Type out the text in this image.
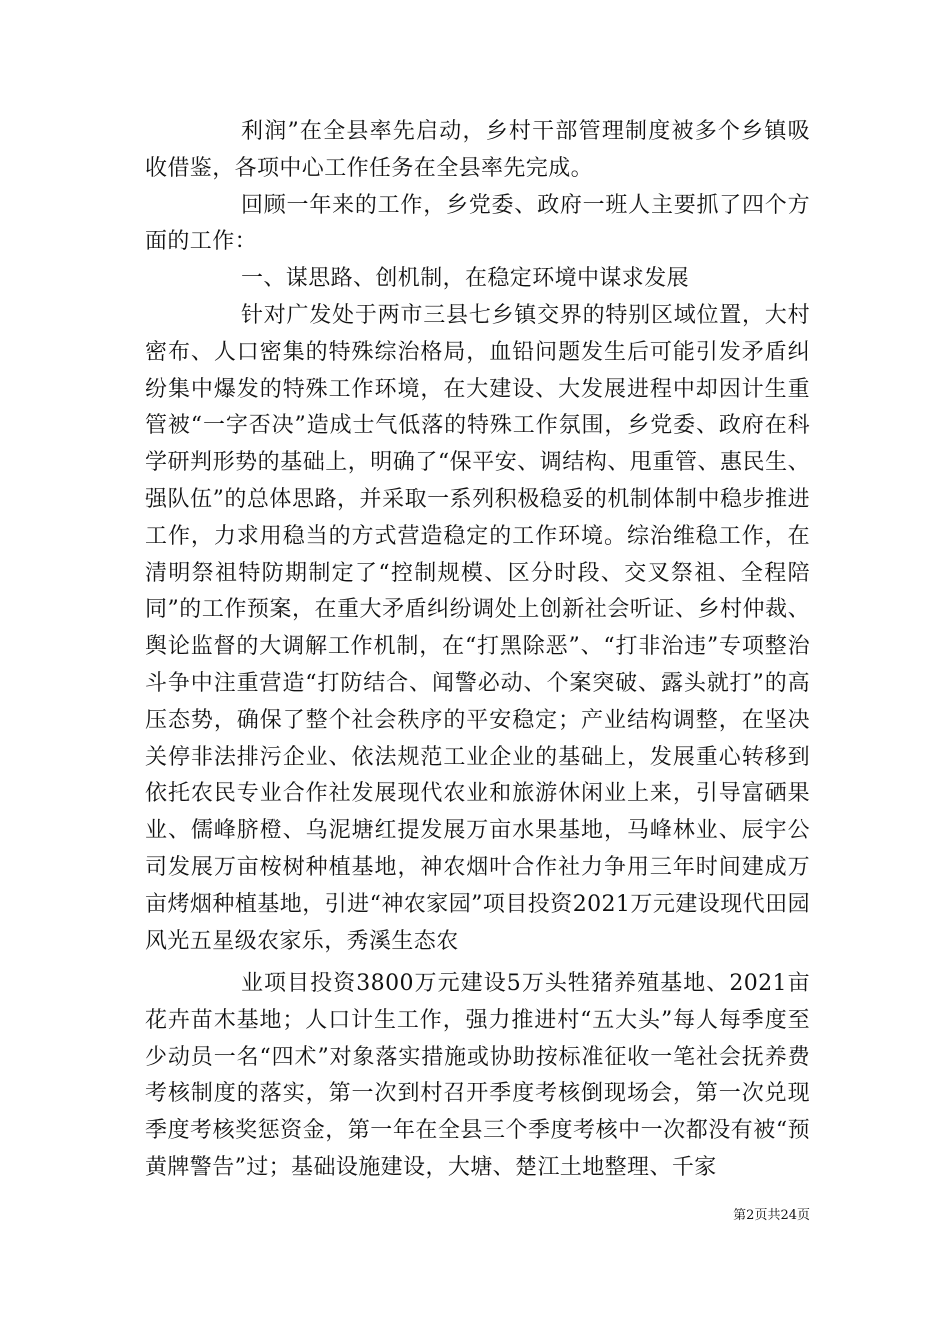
利润”在全县率先启动，乡村干部管理制度被多个乡镇吸收借鉴，各项中心工作任务在全县率先完成。

回顾一年来的工作，乡党委、政府一班人主要抓了四个方面的工作：

一、谋思路、创机制，在稳定环境中谋求发展

针对广发处于两市三县七乡镇交界的特别区域位置，大村密布、人口密集的特殊综治格局，血铅问题发生后可能引发矛盾纠纷集中爆发的特殊工作环境，在大建设、大发展进程中却因计生重管被“一字否决”造成士气低落的特殊工作氛围，乡党委、政府在科学研判形势的基础上，明确了“保平安、调结构、甩重管、惠民生、强队伍”的总体思路，并采取一系列积极稳妥的机制体制中稳步推进工作，力求用稳当的方式营造稳定的工作环境。综治维稳工作，在清明祭祖特防期制定了“控制规模、区分时段、交叉祭祖、全程陪同”的工作预案，在重大矛盾纠纷调处上创新社会听证、乡村仲裁、舆论监督的大调解工作机制，在“打黑除恶”、“打非治违”专项整治斗争中注重营造“打防结合、闻警必动、个案突破、露头就打”的高压态势，确保了整个社会秩序的平安稳定；产业结构调整，在坚决关停非法排污企业、依法规范工业企业的基础上，发展重心转移到依托农民专业合作社发展现代农业和旅游休闲业上来，引导富硒果业、儒峰脐橙、乌泥塘红提发展万亩水果基地，马峰林业、辰宇公司发展万亩桉树种植基地，神农烟叶合作社力争用三年时间建成万亩烤烟种植基地，引进“神农家园”项目投资2021万元建设现代田园风光五星级农家乐，秀溪生态农

业项目投资3800万元建设5万头牲猪养殖基地、2021亩花卉苗木基地；人口计生工作，强力推进村“五大头”每人每季度至少动员一名“四术”对象落实措施或协助按标准征收一笔社会抚养费考核制度的落实，第一次到村召开季度考核倒现场会，第一次兑现季度考核奖惩资金，第一年在全县三个季度考核中一次都没有被“预黄牌警告”过；基础设施建设，大塘、楚江土地整理、千家

第2页共24页
